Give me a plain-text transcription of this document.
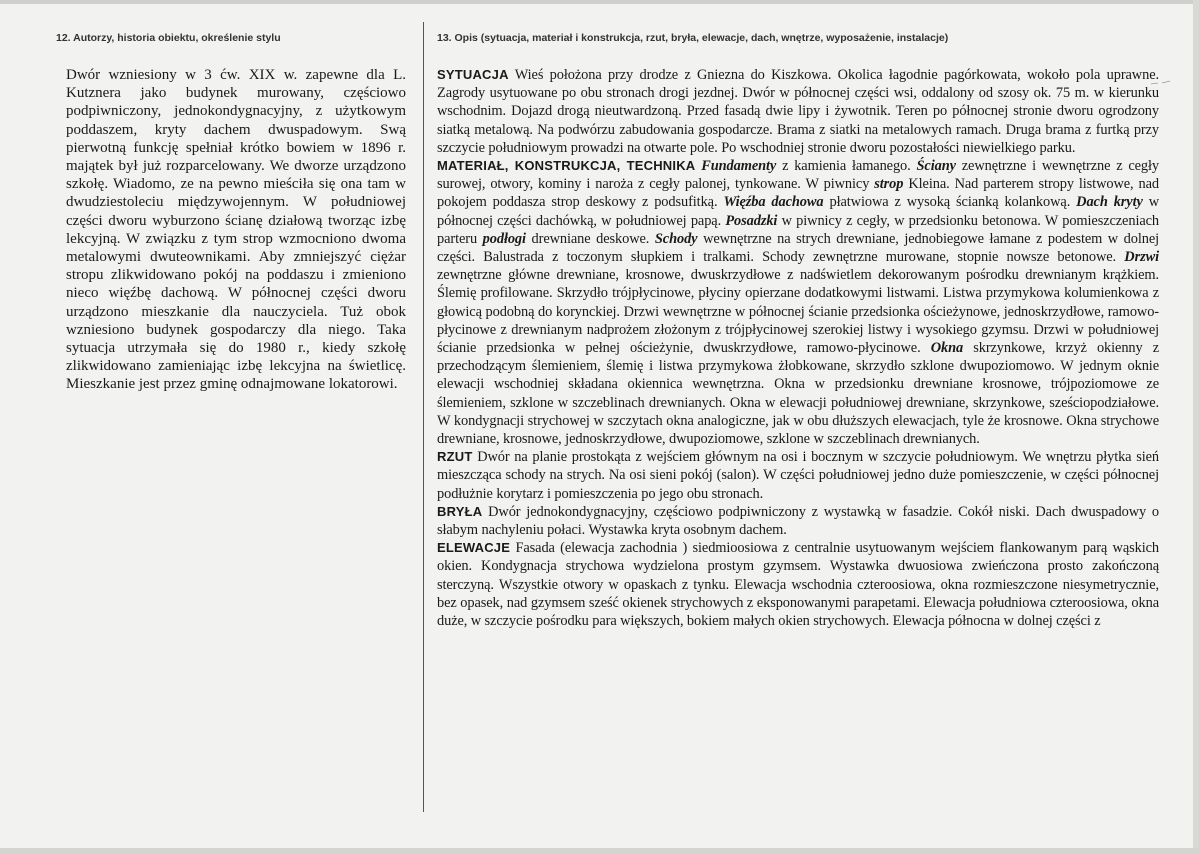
12. Autorzy, historia obiektu, określenie stylu

Dwór wzniesiony w 3 ćw. XIX w. zapewne dla L. Kutznera jako budynek murowany, częściowo podpiwniczony, jednokondygnacyjny, z użytkowym poddaszem, kryty dachem dwuspadowym. Swą pierwotną funkcję spełniał krótko bowiem w 1896 r. majątek był już rozparcelowany. We dworze urządzono szkołę. Wiadomo, ze na pewno mieściła się ona tam w dwudziestoleciu międzywojennym. W południowej części dworu wyburzono ścianę działową tworząc izbę lekcyjną. W związku z tym strop wzmocniono dwoma metalowymi dwuteownikami. Aby zmniejszyć ciężar stropu zlikwidowano pokój na poddaszu i zmieniono nieco więźbę dachową. W północnej części dworu urządzono mieszkanie dla nauczyciela. Tuż obok wzniesiono budynek gospodarczy dla niego. Taka sytuacja utrzymała się do 1980 r., kiedy szkołę zlikwidowano zamieniając izbę lekcyjna na świetlicę. Mieszkanie jest przez gminę odnajmowane lokatorowi.

13. Opis (sytuacja, materiał i konstrukcja, rzut, bryła, elewacje, dach, wnętrze, wyposażenie, instalacje)

SYTUACJA Wieś położona przy drodze z Gniezna do Kiszkowa. Okolica łagodnie pagórkowata, wokoło pola uprawne. Zagrody usytuowane po obu stronach drogi jezdnej. Dwór w północnej części wsi, oddalony od szosy ok. 75 m. w kierunku wschodnim. Dojazd drogą nieutwardzoną. Przed fasadą dwie lipy i żywotnik. Teren po północnej stronie dworu ogrodzony siatką metalową. Na podwórzu zabudowania gospodarcze. Brama z siatki na metalowych ramach. Druga brama z furtką przy szczycie południowym prowadzi na otwarte pole. Po wschodniej stronie dworu pozostałości niewielkiego parku.

MATERIAŁ, KONSTRUKCJA, TECHNIKA Fundamenty z kamienia łamanego. Ściany zewnętrzne i wewnętrzne z cegły surowej, otwory, kominy i naroża z cegły palonej, tynkowane. W piwnicy strop Kleina. Nad parterem stropy listwowe, nad pokojem poddasza strop deskowy z podsufitką. Więźba dachowa płatwiowa z wysoką ścianką kolankową. Dach kryty w północnej części dachówką, w południowej papą. Posadzki w piwnicy z cegły, w przedsionku betonowa. W pomieszczeniach parteru podłogi drewniane deskowe. Schody wewnętrzne na strych drewniane, jednobiegowe łamane z podestem w dolnej części. Balustrada z toczonym słupkiem i tralkami. Schody zewnętrzne murowane, stopnie nowsze betonowe. Drzwi zewnętrzne główne drewniane, krosnowe, dwuskrzydłowe z nadświetlem dekorowanym pośrodku drewnianym krążkiem. Ślemię profilowane. Skrzydło trójpłycinowe, płyciny opierzane dodatkowymi listwami. Listwa przymykowa kolumienkowa z głowicą podobną do korynckiej. Drzwi wewnętrzne w północnej ścianie przedsionka ościeżynowe, jednoskrzydłowe, ramowo-płycinowe z drewnianym nadprożem złożonym z trójpłycinowej szerokiej listwy i wysokiego gzymsu. Drzwi w południowej ścianie przedsionka w pełnej ościeżynie, dwuskrzydłowe, ramowo-płycinowe. Okna skrzynkowe, krzyż okienny z przechodzącym ślemieniem, ślemię i listwa przymykowa żłobkowane, skrzydło szklone dwupoziomowo. W jednym oknie elewacji wschodniej składana okiennica wewnętrzna. Okna w przedsionku drewniane krosnowe, trójpoziomowe ze ślemieniem, szklone w szczeblinach drewnianych. Okna w elewacji południowej drewniane, skrzynkowe, sześciopodziałowe. W kondygnacji strychowej w szczytach okna analogiczne, jak w obu dłuższych elewacjach, tyle że krosnowe. Okna strychowe drewniane, krosnowe, jednoskrzydłowe, dwupoziomowe, szklone w szczeblinach drewnianych.

RZUT Dwór na planie prostokąta z wejściem głównym na osi i bocznym w szczycie południowym. We wnętrzu płytka sień mieszcząca schody na strych. Na osi sieni pokój (salon). W części południowej jedno duże pomieszczenie, w części północnej podłużnie korytarz i pomieszczenia po jego obu stronach.

BRYŁA Dwór jednokondygnacyjny, częściowo podpiwniczony z wystawką w fasadzie. Cokół niski. Dach dwuspadowy o słabym nachyleniu połaci. Wystawka kryta osobnym dachem.

ELEWACJE Fasada (elewacja zachodnia ) siedmioosiowa z centralnie usytuowanym wejściem flankowanym parą wąskich okien. Kondygnacja strychowa wydzielona prostym gzymsem. Wystawka dwuosiowa zwieńczona prosto zakończoną sterczyną. Wszystkie otwory w opaskach z tynku. Elewacja wschodnia czteroosiowa, okna rozmieszczone niesymetrycznie, bez opasek, nad gzymsem sześć okienek strychowych z eksponowanymi parapetami. Elewacja południowa czteroosiowa, okna duże, w szczycie pośrodku para większych, bokiem małych okien strychowych. Elewacja północna w dolnej części z
